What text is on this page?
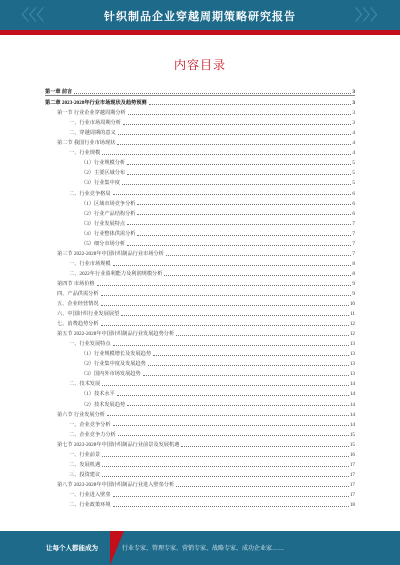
〈〈〈	〉〉〉
针织制品企业穿越周期策略研究报告
内容目录
第一章 前言	3
第二章 2023-2028年行业市场现状及趋势预测	3
第一节 行业企业穿越周期分析	3
一、行业市场周期分析	3
二、穿越周期的意义	4
第二节 我国行业市场现状	4
一、行业规模	4
（1）行业规模分析	5
（2）主要区域分布	5
（3）行业集中度	5
二、行业竞争格局	6
（1）区域市场竞争分析	6
（2）行业产品结构分析	6
（3）行业发展特点	7
（4）行业整体供需分析	7
（5）细分市场分析	7
第三节 2022-2028年中国针织制品行业市场分析	7
一、行业市场规模	8
二、2022年行业盈利能力及利润规模分析	8
第四节 市场价格	9
四、产品供需分析	9
五、企业经营情况	10
六、中国针织行业发展展望	11
七、消费趋势分析	12
第五节 2022-2028年中国针织制品行业发展趋势分析	12
一、行业发展特点	13
（1）行业规模增长及发展趋势	13
（2）行业集中度及发展趋势	13
（3）国内外市场发展趋势	13
二、技术发展	14
（1）技术水平	14
（2）技术发展趋势	14
第六节 行业发展分析	14
一、企业竞争分析	14
二、企业竞争力分析	15
第七节 2023-2028年中国针织制品行业前景及发展机遇	15
一、行业前景	16
二、发展机遇	17
三、投资建议	17
第八节 2023-2028年中国针织制品行业进入壁垒分析	17
一、行业进入壁垒	17
二、行业政策环境	18
让每个人都能成为	行业专家、管理专家、营销专家、战略专家、成功企业家……
